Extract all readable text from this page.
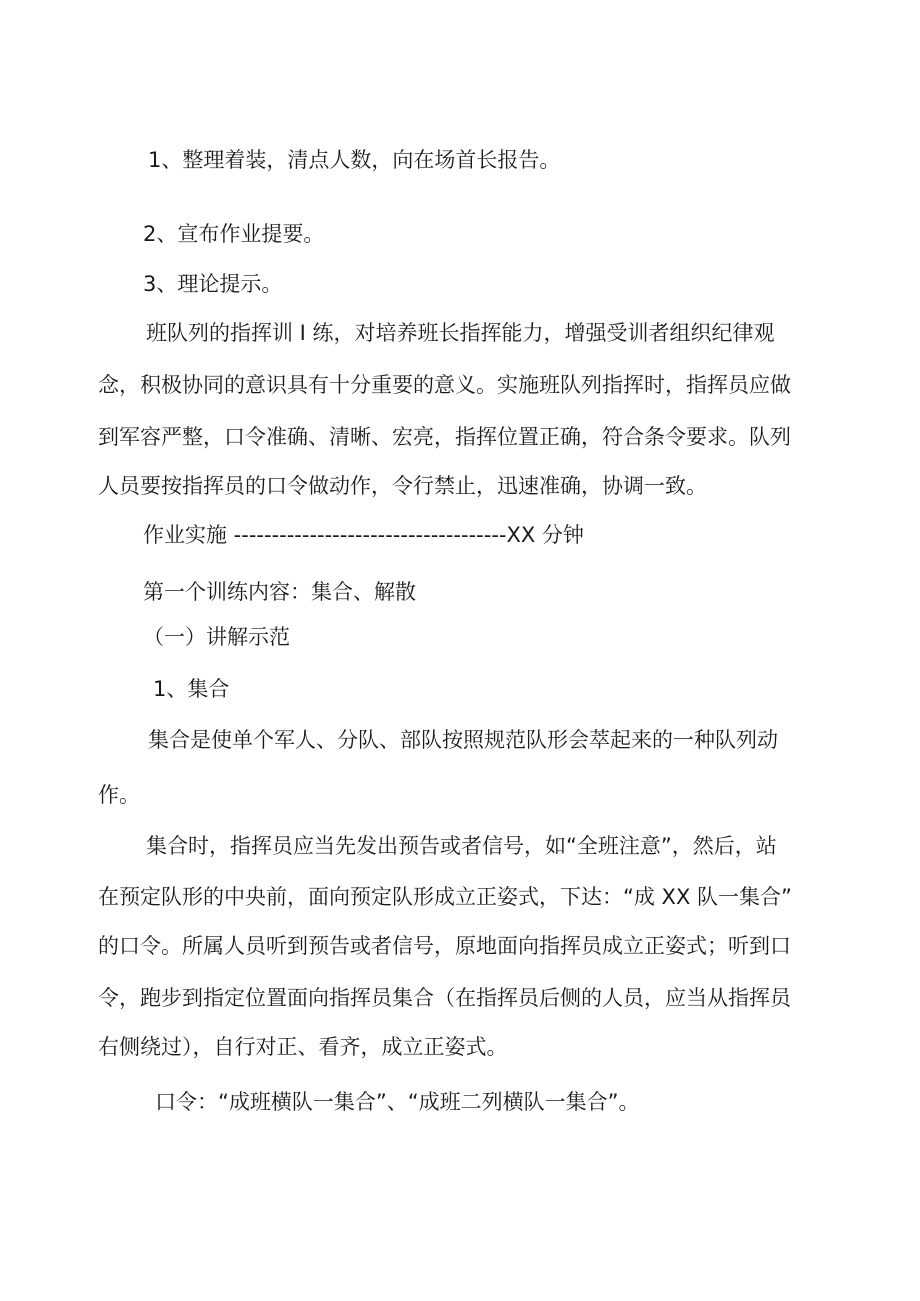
1、整理着装，清点人数，向在场首长报告。
2、宣布作业提要。
3、理论提示。
班队列的指挥训 I 练，对培养班长指挥能力，增强受训者组织纪律观
念，积极协同的意识具有十分重要的意义。实施班队列指挥时，指挥员应做
到军容严整，口令准确、清晰、宏亮，指挥位置正确，符合条令要求。队列
人员要按指挥员的口令做动作，令行禁止，迅速准确，协调一致。
作业实施 ------------------------------------XX 分钟
第一个训练内容：集合、解散
（一）讲解示范
1、集合
集合是使单个军人、分队、部队按照规范队形会萃起来的一种队列动
作。
集合时，指挥员应当先发出预告或者信号，如“全班注意”，然后，站
在预定队形的中央前，面向预定队形成立正姿式，下达：“成 XX 队一集合”
的口令。所属人员听到预告或者信号，原地面向指挥员成立正姿式；听到口
令，跑步到指定位置面向指挥员集合（在指挥员后侧的人员，应当从指挥员
右侧绕过），自行对正、看齐，成立正姿式。
口令：“成班横队一集合”、“成班二列横队一集合”。
